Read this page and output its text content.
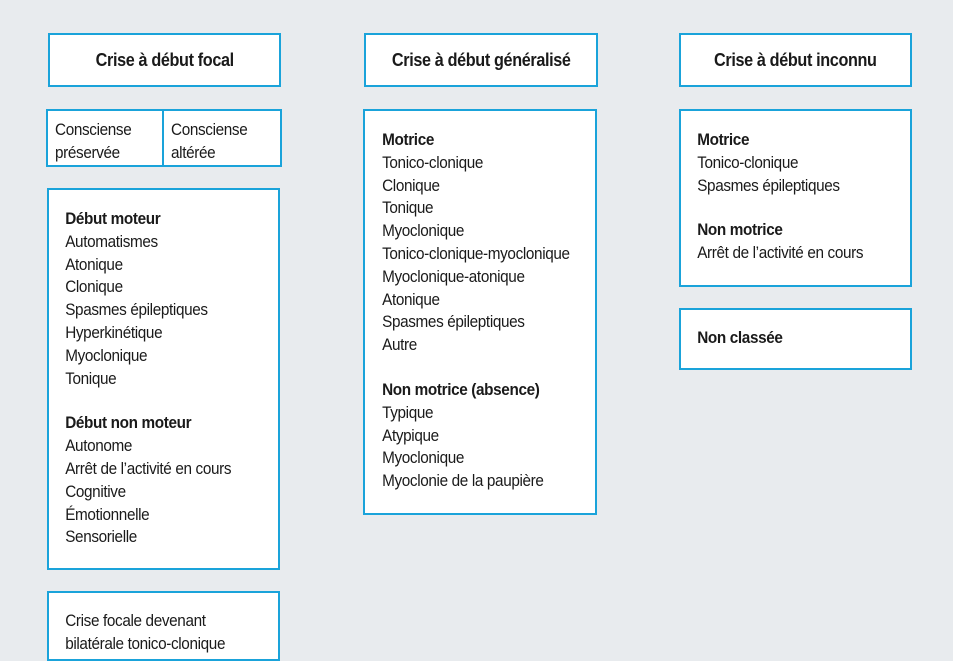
Crise à début focal
Consciense
préservée
Consciense
altérée
Début moteur
Automatismes
Atonique
Clonique
Spasmes épileptiques
Hyperkinétique
Myoclonique
Tonique
Début non moteur
Autonome
Arrêt de l’activité en cours
Cognitive
Émotionnelle
Sensorielle
Crise focale devenant
bilatérale tonico-clonique
Crise à début généralisé
Motrice
Tonico-clonique
Clonique
Tonique
Myoclonique
Tonico-clonique-myoclonique
Myoclonique-atonique
Atonique
Spasmes épileptiques
Autre
Non motrice (absence)
Typique
Atypique
Myoclonique
Myoclonie de la paupière
Crise à début inconnu
Motrice
Tonico-clonique
Spasmes épileptiques
Non motrice
Arrêt de l’activité en cours
Non classée
